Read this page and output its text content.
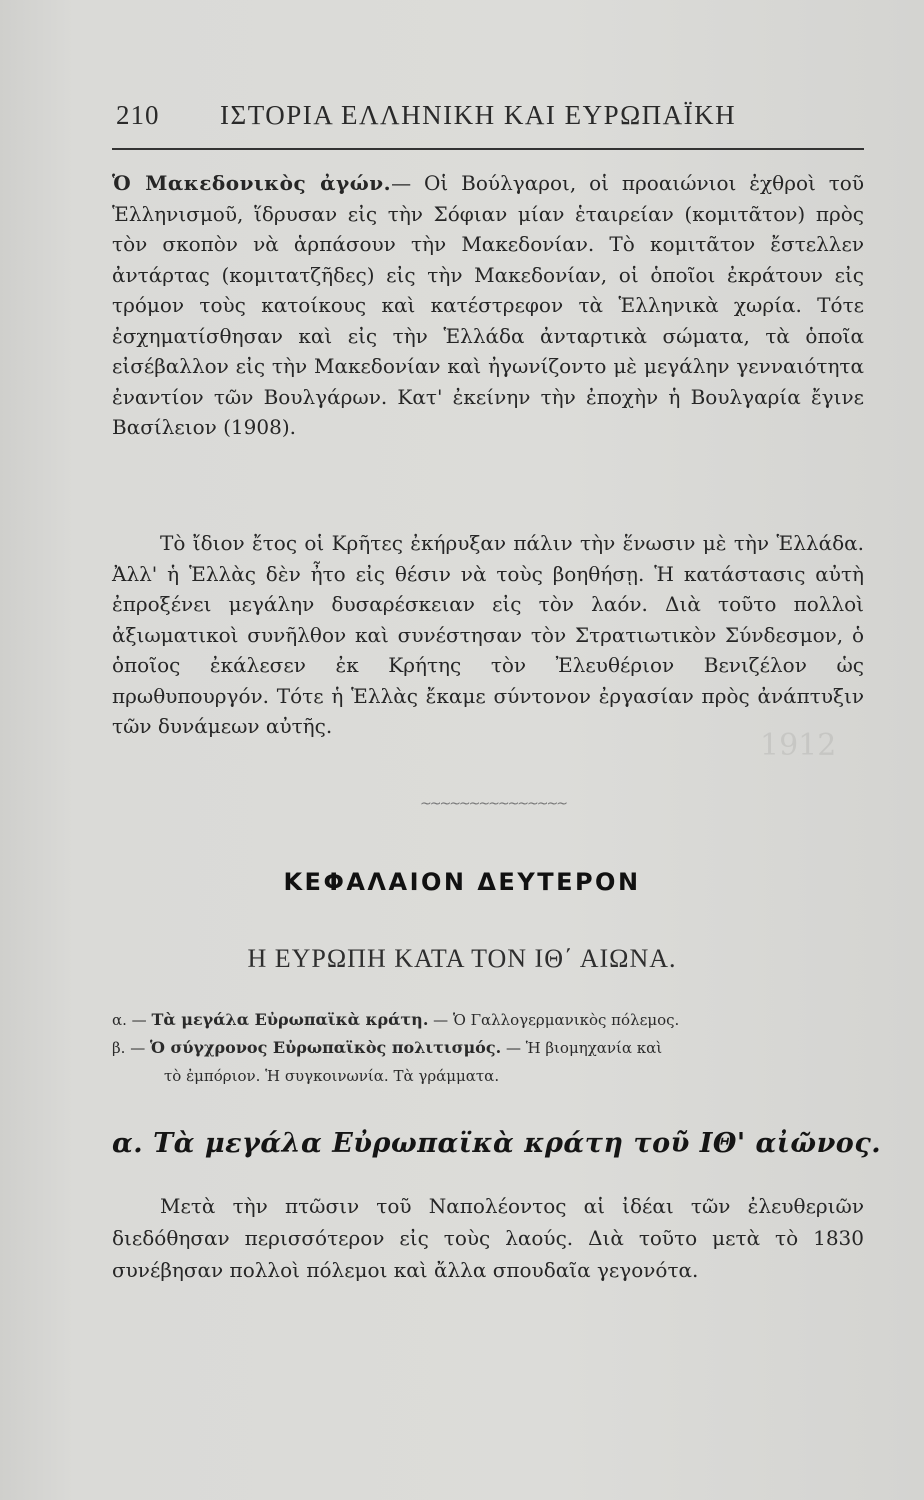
210 ΙΣΤΟΡΙΑ ΕΛΛΗΝΙΚΗ ΚΑΙ ΕΥΡΩΠΑΪΚΗ

Ὁ Μακεδονικὸς ἀγών.— Οἱ Βούλγαροι, οἱ προαιώνιοι ἐχθροὶ τοῦ Ἑλληνισμοῦ, ἵδρυσαν εἰς τὴν Σόφιαν μίαν ἑταιρείαν (κομιτᾶτον) πρὸς τὸν σκοπὸν νὰ ἁρπάσουν τὴν Μακεδονίαν. Τὸ κομιτᾶτον ἔστελλεν ἀντάρτας (κομιτατζῆδες) εἰς τὴν Μακεδονίαν, οἱ ὁποῖοι ἐκράτουν εἰς τρόμον τοὺς κατοίκους καὶ κατέστρεφον τὰ Ἑλληνικὰ χωρία. Τότε ἐσχηματίσθησαν καὶ εἰς τὴν Ἑλλάδα ἀνταρτικὰ σώματα, τὰ ὁποῖα εἰσέβαλλον εἰς τὴν Μακεδονίαν καὶ ἠγωνίζοντο μὲ μεγάλην γενναιότητα ἐναντίον τῶν Βουλγάρων. Κατ' ἐκείνην τὴν ἐποχὴν ἡ Βουλγαρία ἔγινε Βασίλειον (1908).

Τὸ ἴδιον ἔτος οἱ Κρῆτες ἐκήρυξαν πάλιν τὴν ἕνωσιν μὲ τὴν Ἑλλάδα. Ἀλλ' ἡ Ἑλλὰς δὲν ἦτο εἰς θέσιν νὰ τοὺς βοηθήσῃ. Ἡ κατάστασις αὐτὴ ἐπροξένει μεγάλην δυσαρέσκειαν εἰς τὸν λαόν. Διὰ τοῦτο πολλοὶ ἀξιωματικοὶ συνῆλθον καὶ συνέστησαν τὸν Στρατιωτικὸν Σύνδεσμον, ὁ ὁποῖος ἐκάλεσεν ἐκ Κρήτης τὸν Ἐλευθέριον Βενιζέλον ὡς πρωθυπουργόν. Τότε ἡ Ἑλλὰς ἔκαμε σύντονον ἐργασίαν πρὸς ἀνάπτυξιν τῶν δυνάμεων αὐτῆς.

1912
~~~~~~~~~~~~~~~
ΚΕΦΑΛΑΙΟΝ ΔΕΥΤΕΡΟΝ
Η ΕΥΡΩΠΗ ΚΑΤΑ ΤΟΝ ΙΘ΄ ΑΙΩΝΑ.
α. — Τὰ μεγάλα Εὐρωπαϊκὰ κράτη. — Ὁ Γαλλογερμανικὸς πόλεμος.
β. — Ὁ σύγχρονος Εὐρωπαϊκὸς πολιτισμός. — Ἡ βιομηχανία καὶ
τὸ ἐμπόριον. Ἡ συγκοινωνία. Τὰ γράμματα.
α. Τὰ μεγάλα Εὐρωπαϊκὰ κράτη τοῦ ΙΘ' αἰῶνος.

Μετὰ τὴν πτῶσιν τοῦ Ναπολέοντος αἱ ἰδέαι τῶν ἐλευθεριῶν διεδόθησαν περισσότερον εἰς τοὺς λαούς. Διὰ τοῦτο μετὰ τὸ 1830 συνέβησαν πολλοὶ πόλεμοι καὶ ἄλλα σπουδαῖα γεγονότα.
